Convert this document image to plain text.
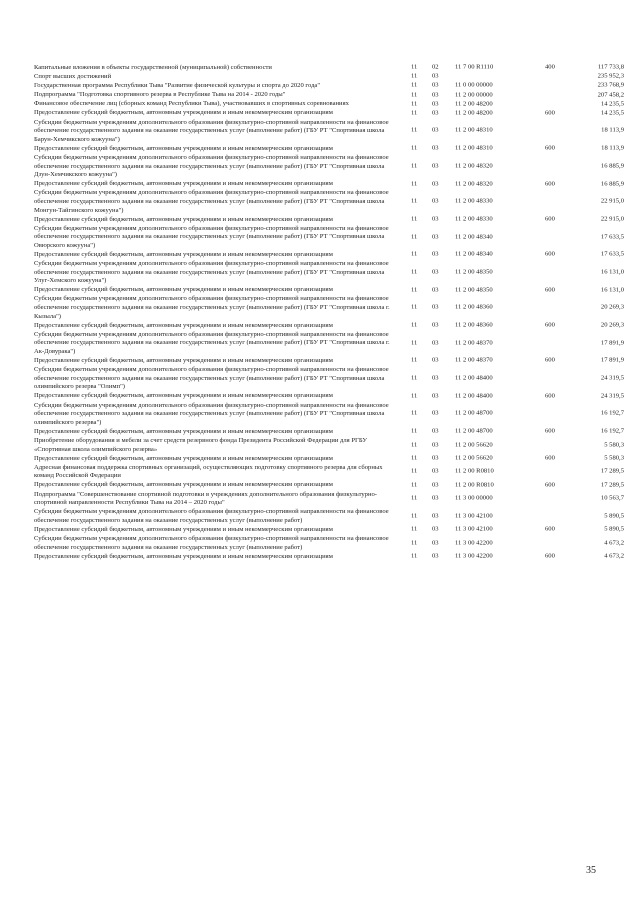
Капитальные вложения в объекты государственной (муниципальной) собственности	11 02 11 7 00 R1110	400	117 733,8
Спорт высших достижений	11 03	235 952,3
Государственная программа Республики Тыва "Развитие физической культуры и спорта до 2020 года"	11 03 11 0 00 00000	233 768,9
Подпрограмма "Подготовка спортивного резерва в Республике Тыва на 2014 - 2020 годы"	11 03 11 2 00 00000	207 458,2
Финансовое обеспечение лиц (сборных команд Республики Тыва), участвовавших в спортивных соревнованиях	11 03 11 2 00 48200	14 235,5
Предоставление субсидий бюджетным, автономным учреждениям и иным некоммерческим организациям	11 03 11 2 00 48200	600	14 235,5
Субсидии бюджетным учреждениям дополнительного образования физкультурно-спортивной направленности на финансовое обеспечение государственного задания на оказание государственных услуг (выполнение работ) (ГБУ РТ "Спортивная школа Барун-Хемчикского кожууна")
11 03 11 2 00 48310	18 113,9
Предоставление субсидий бюджетным, автономным учреждениям и иным некоммерческим организациям	11 03 11 2 00 48310	600	18 113,9
Субсидии бюджетным учреждениям дополнительного образования физкультурно-спортивной направленности на финансовое обеспечение государственного задания на оказание государственных услуг (выполнение работ) (ГБУ РТ "Спортивная школа Дзун-Хемчикского кожууна")
11 03 11 2 00 48320	16 885,9
Предоставление субсидий бюджетным, автономным учреждениям и иным некоммерческим организациям	11 03 11 2 00 48320	600	16 885,9
Субсидии бюджетным учреждениям дополнительного образования физкультурно-спортивной направленности на финансовое обеспечение государственного задания на оказание государственных услуг (выполнение работ) (ГБУ РТ "Спортивная школа Монгун-Тайгинского кожууна")
11 03 11 2 00 48330	22 915,0
Предоставление субсидий бюджетным, автономным учреждениям и иным некоммерческим организациям	11 03 11 2 00 48330	600	22 915,0
Субсидии бюджетным учреждениям дополнительного образования физкультурно-спортивной направленности на финансовое обеспечение государственного задания на оказание государственных услуг (выполнение работ) (ГБУ РТ "Спортивная школа Овюрского кожууна")
11 03 11 2 00 48340	17 633,5
Предоставление субсидий бюджетным, автономным учреждениям и иным некоммерческим организациям	11 03 11 2 00 48340	600	17 633,5
Субсидии бюджетным учреждениям дополнительного образования физкультурно-спортивной направленности на финансовое обеспечение государственного задания на оказание государственных услуг (выполнение работ) (ГБУ РТ "Спортивная школа Улуг-Хемского кожууна")
11 03 11 2 00 48350	16 131,0
Предоставление субсидий бюджетным, автономным учреждениям и иным некоммерческим организациям	11 03 11 2 00 48350	600	16 131,0
Субсидии бюджетным учреждениям дополнительного образования физкультурно-спортивной направленности на финансовое обеспечение государственного задания на оказание государственных услуг (выполнение работ) (ГБУ РТ "Спортивная школа г. Кызыла")
11 03 11 2 00 48360	20 269,3
Предоставление субсидий бюджетным, автономным учреждениям и иным некоммерческим организациям	11 03 11 2 00 48360	600	20 269,3
Субсидии бюджетным учреждениям дополнительного образования физкультурно-спортивной направленности на финансовое обеспечение государственного задания на оказание государственных услуг (выполнение работ) (ГБУ РТ "Спортивная школа г. Ак-Довурака")
11 03 11 2 00 48370	17 891,9
Предоставление субсидий бюджетным, автономным учреждениям и иным некоммерческим организациям	11 03 11 2 00 48370	600	17 891,9
Субсидии бюджетным учреждениям дополнительного образования физкультурно-спортивной направленности на финансовое обеспечение государственного задания на оказание государственных услуг (выполнение работ) (ГБУ РТ "Спортивная школа олимпийского резерва "Олимп")
11 03 11 2 00 48400	24 319,5
Предоставление субсидий бюджетным, автономным учреждениям и иным некоммерческим организациям	11 03 11 2 00 48400	600	24 319,5
Субсидии бюджетным учреждениям дополнительного образования физкультурно-спортивной направленности на финансовое обеспечение государственного задания на оказание государственных услуг (выполнение работ) (ГБУ РТ "Спортивная школа олимпийского резерва")
11 03 11 2 00 48700	16 192,7
Предоставление субсидий бюджетным, автономным учреждениям и иным некоммерческим организациям	11 03 11 2 00 48700	600	16 192,7
Приобретение оборудования и мебели за счет средств резервного фонда Президента Российской Федерации для РГБУ «Спортивная школа олимпийского резерва»
11 03 11 2 00 56620	5 580,3
Предоставление субсидий бюджетным, автономным учреждениям и иным некоммерческим организациям	11 03 11 2 00 56620	600	5 580,3
Адресная финансовая поддержка спортивных организаций, осуществляющих подготовку спортивного резерва для сборных команд Российской Федерации
11 03 11 2 00 R0810	17 289,5
Предоставление субсидий бюджетным, автономным учреждениям и иным некоммерческим организациям	11 03 11 2 00 R0810	600	17 289,5
Подпрограмма "Совершенствование спортивной подготовки в учреждениях дополнительного образования физкультурно-спортивной направленности Республики Тыва на 2014 – 2020 годы"
11 03 11 3 00 00000	10 563,7
Субсидии бюджетным учреждениям дополнительного образования физкультурно-спортивной направленности на финансовое обеспечение государственного задания на оказание государственных услуг (выполнение работ)
11 03 11 3 00 42100	5 890,5
Предоставление субсидий бюджетным, автономным учреждениям и иным некоммерческим организациям	11 03 11 3 00 42100	600	5 890,5
Субсидии бюджетным учреждениям дополнительного образования физкультурно-спортивной направленности на финансовое обеспечение государственного задания на оказание государственных услуг (выполнение работ)
11 03 11 3 00 42200	4 673,2
Предоставление субсидий бюджетным, автономным учреждениям и иным некоммерческим организациям	11 03 11 3 00 42200	600	4 673,2
35
